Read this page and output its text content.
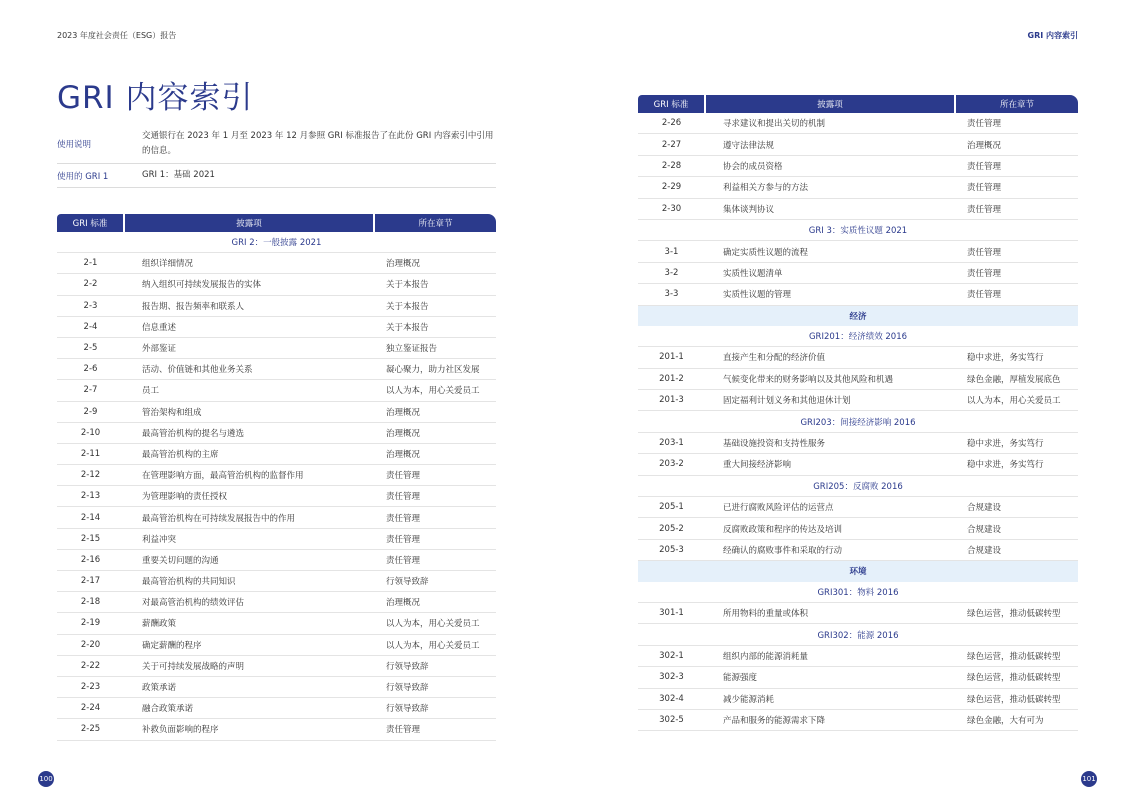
2023 年度社会责任（ESG）报告	GRI 内容索引
GRI 内容索引
使用说明
交通银行在 2023 年 1 月至 2023 年 12 月参照 GRI 标准报告了在此份 GRI 内容索引中引用的信息。
使用的 GRI 1	GRI 1：基础 2021
GRI 标准	披露项	所在章节
GRI 2：一般披露 2021		
2-1	组织详细情况	治理概况
2-2	纳入组织可持续发展报告的实体	关于本报告
2-3	报告期、报告频率和联系人	关于本报告
2-4	信息重述	关于本报告
2-5	外部鉴证	独立鉴证报告
2-6	活动、价值链和其他业务关系	凝心聚力，助力社区发展
2-7	员工	以人为本，用心关爱员工
2-9	管治架构和组成	治理概况
2-10	最高管治机构的提名与遴选	治理概况
2-11	最高管治机构的主席	治理概况
2-12	在管理影响方面，最高管治机构的监督作用	责任管理
2-13	为管理影响的责任授权	责任管理
2-14	最高管治机构在可持续发展报告中的作用	责任管理
2-15	利益冲突	责任管理
2-16	重要关切问题的沟通	责任管理
2-17	最高管治机构的共同知识	行领导致辞
2-18	对最高管治机构的绩效评估	治理概况
2-19	薪酬政策	以人为本，用心关爱员工
2-20	确定薪酬的程序	以人为本，用心关爱员工
2-22	关于可持续发展战略的声明	行领导致辞
2-23	政策承诺	行领导致辞
2-24	融合政策承诺	行领导致辞
2-25	补救负面影响的程序	责任管理
GRI 标准	披露项	所在章节
2-26	寻求建议和提出关切的机制	责任管理
2-27	遵守法律法规	治理概况
2-28	协会的成员资格	责任管理
2-29	利益相关方参与的方法	责任管理
2-30	集体谈判协议	责任管理
GRI 3：实质性议题 2021		
3-1	确定实质性议题的流程	责任管理
3-2	实质性议题清单	责任管理
3-3	实质性议题的管理	责任管理
经济		
GRI201：经济绩效 2016		
201-1	直接产生和分配的经济价值	稳中求进，务实笃行
201-2	气候变化带来的财务影响以及其他风险和机遇	绿色金融，厚植发展底色
201-3	固定福利计划义务和其他退休计划	以人为本，用心关爱员工
GRI203：间接经济影响 2016		
203-1	基础设施投资和支持性服务	稳中求进，务实笃行
203-2	重大间接经济影响	稳中求进，务实笃行
GRI205：反腐败 2016		
205-1	已进行腐败风险评估的运营点	合规建设
205-2	反腐败政策和程序的传达及培训	合规建设
205-3	经确认的腐败事件和采取的行动	合规建设
环境		
GRI301：物料 2016		
301-1	所用物料的重量或体积	绿色运营，推动低碳转型
GRI302：能源 2016		
302-1	组织内部的能源消耗量	绿色运营，推动低碳转型
302-3	能源强度	绿色运营，推动低碳转型
302-4	减少能源消耗	绿色运营，推动低碳转型
302-5	产品和服务的能源需求下降	绿色金融，大有可为
100	101
